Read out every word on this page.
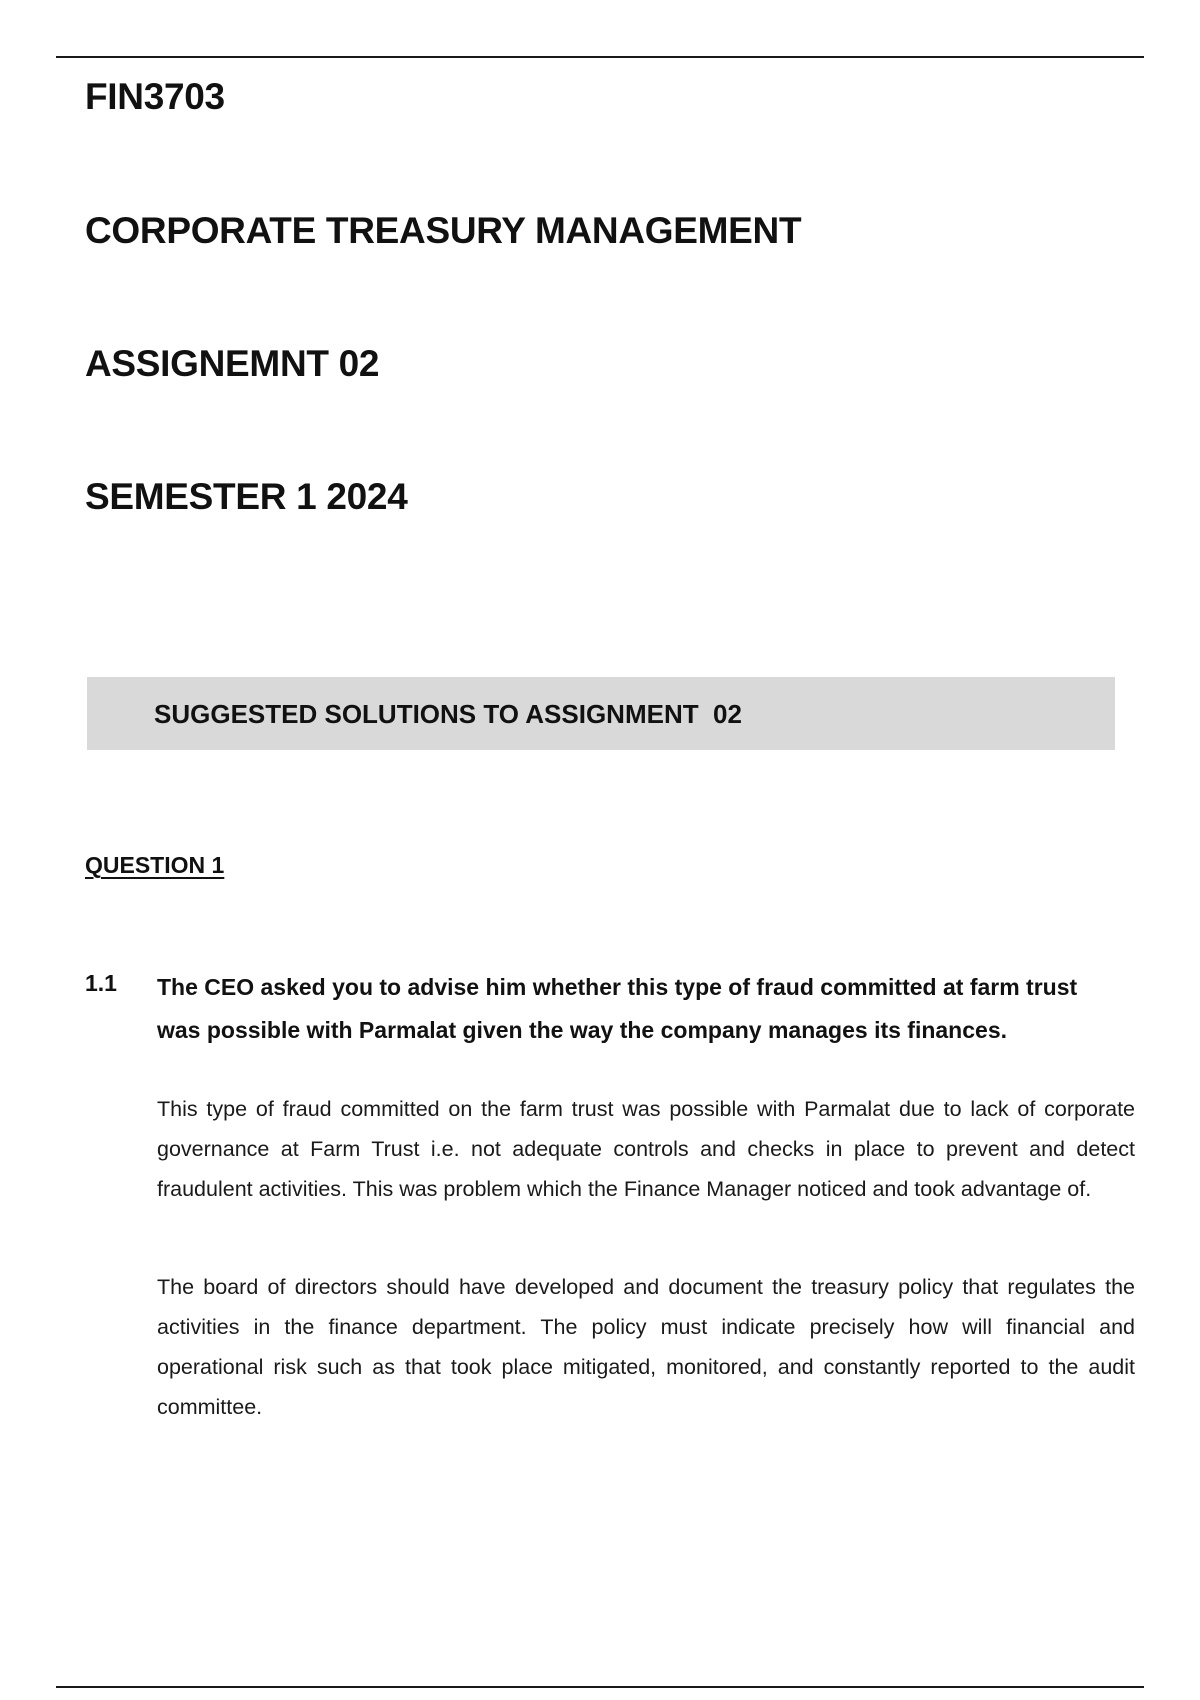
FIN3703
CORPORATE TREASURY MANAGEMENT
ASSIGNEMNT 02
SEMESTER 1 2024
SUGGESTED SOLUTIONS TO ASSIGNMENT  02
QUESTION 1
1.1 The CEO asked you to advise him whether this type of fraud committed at farm trust was possible with Parmalat given the way the company manages its finances.

This type of fraud committed on the farm trust was possible with Parmalat due to lack of corporate governance at Farm Trust i.e. not adequate controls and checks in place to prevent and detect fraudulent activities. This was problem which the Finance Manager noticed and took advantage of.

The board of directors should have developed and document the treasury policy that regulates the activities in the finance department. The policy must indicate precisely how will financial and operational risk such as that took place mitigated, monitored, and constantly reported to the audit committee.
